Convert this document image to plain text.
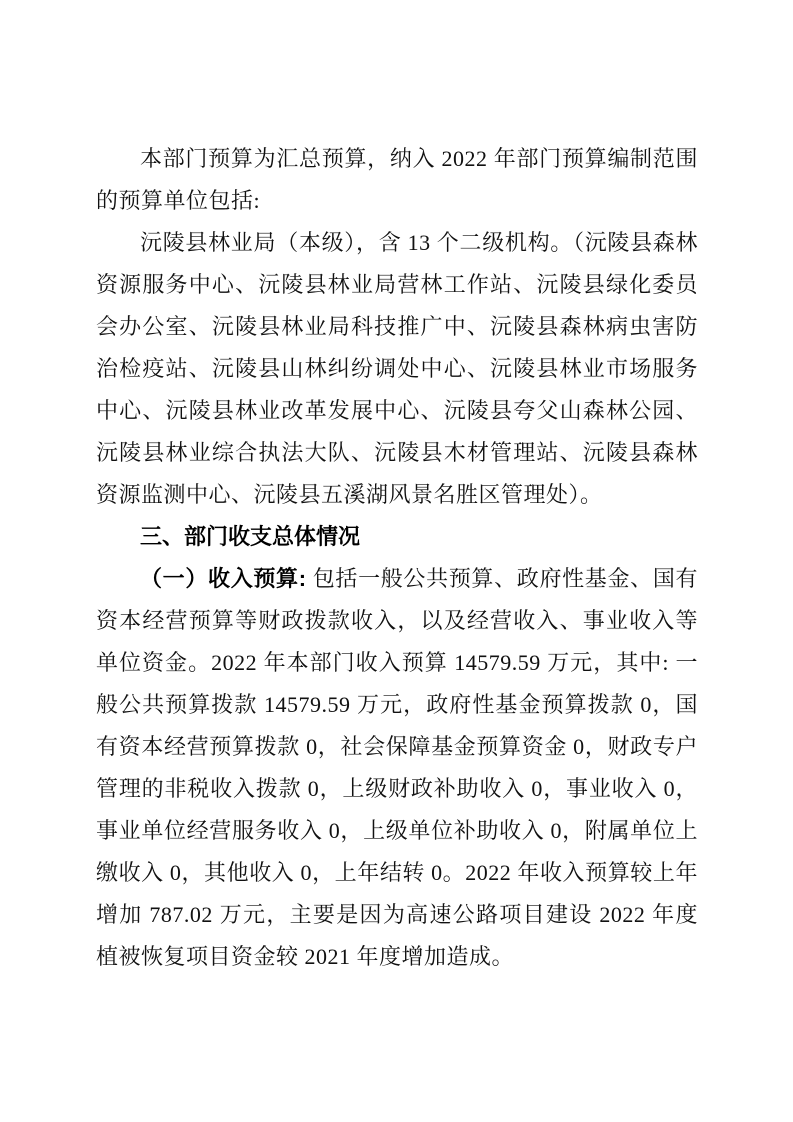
本部门预算为汇总预算，纳入 2022 年部门预算编制范围的预算单位包括:

沅陵县林业局（本级），含 13 个二级机构。（沅陵县森林资源服务中心、沅陵县林业局营林工作站、沅陵县绿化委员会办公室、沅陵县林业局科技推广中、沅陵县森林病虫害防治检疫站、沅陵县山林纠纷调处中心、沅陵县林业市场服务中心、沅陵县林业改革发展中心、沅陵县夸父山森林公园、沅陵县林业综合执法大队、沅陵县木材管理站、沅陵县森林资源监测中心、沅陵县五溪湖风景名胜区管理处）。

三、部门收支总体情况

（一）收入预算: 包括一般公共预算、政府性基金、国有资本经营预算等财政拨款收入，以及经营收入、事业收入等单位资金。2022 年本部门收入预算 14579.59 万元，其中: 一般公共预算拨款 14579.59 万元，政府性基金预算拨款 0，国有资本经营预算拨款 0，社会保障基金预算资金 0，财政专户管理的非税收入拨款 0，上级财政补助收入 0，事业收入 0，事业单位经营服务收入 0，上级单位补助收入 0，附属单位上缴收入 0，其他收入 0，上年结转 0。2022 年收入预算较上年增加 787.02 万元，主要是因为高速公路项目建设 2022 年度植被恢复项目资金较 2021 年度增加造成。
